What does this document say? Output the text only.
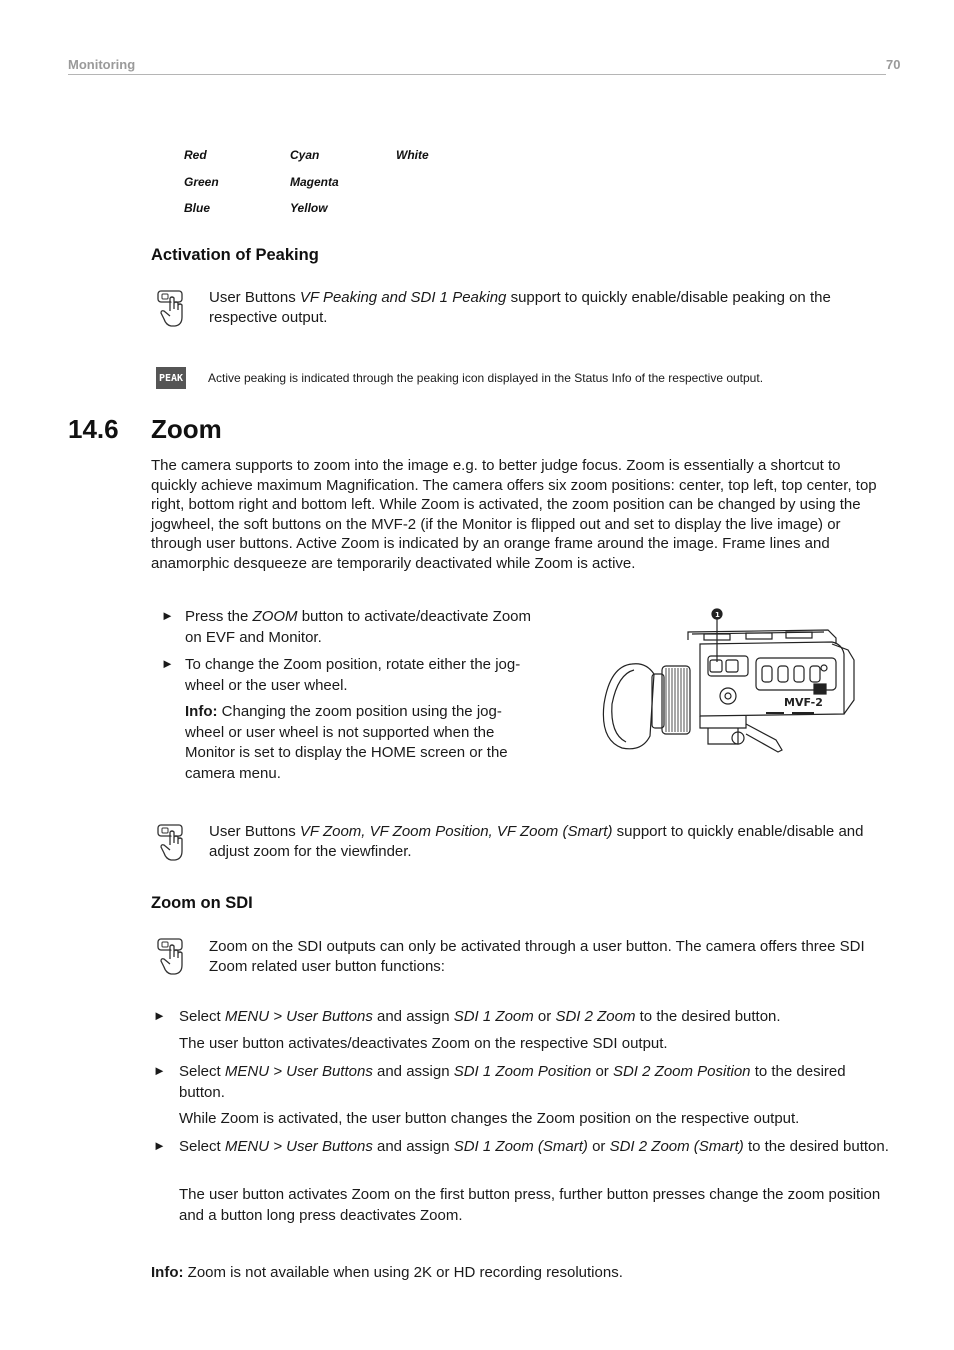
Monitoring	70
Red
Green
Blue
Cyan
Magenta
Yellow
White
Activation of Peaking
User Buttons VF Peaking and SDI 1 Peaking support to quickly enable/disable peaking on the respective output.
PEAK Active peaking is indicated through the peaking icon displayed in the Status Info of the respective output.
14.6 Zoom
The camera supports to zoom into the image e.g. to better judge focus. Zoom is essentially a shortcut to quickly achieve maximum Magnification. The camera offers six zoom positions: center, top left, top center, top right, bottom right and bottom left. While Zoom is activated, the zoom position can be changed by using the jogwheel, the soft buttons on the MVF-2 (if the Monitor is flipped out and set to display the live image) or through user buttons. Active Zoom is indicated by an orange frame around the image. Frame lines and anamorphic desqueeze are temporarily deactivated while Zoom is active.
► Press the ZOOM button to activate/deactivate Zoom on EVF and Monitor.
► To change the Zoom position, rotate either the jog-wheel or the user wheel.
Info: Changing the zoom position using the jog-wheel or user wheel is not supported when the Monitor is set to display the HOME screen or the camera menu.
MVF-2
1
User Buttons VF Zoom, VF Zoom Position, VF Zoom (Smart) support to quickly enable/disable and adjust zoom for the viewfinder.
Zoom on SDI
Zoom on the SDI outputs can only be activated through a user button. The camera offers three SDI Zoom related user button functions:
► Select MENU > User Buttons and assign SDI 1 Zoom or SDI 2 Zoom to the desired button.
The user button activates/deactivates Zoom on the respective SDI output.
► Select MENU > User Buttons and assign SDI 1 Zoom Position or SDI 2 Zoom Position to the desired button.
While Zoom is activated, the user button changes the Zoom position on the respective output.
► Select MENU > User Buttons and assign SDI 1 Zoom (Smart) or SDI 2 Zoom (Smart) to the desired button.
The user button activates Zoom on the first button press, further button presses change the zoom position and a button long press deactivates Zoom.
Info: Zoom is not available when using 2K or HD recording resolutions.
